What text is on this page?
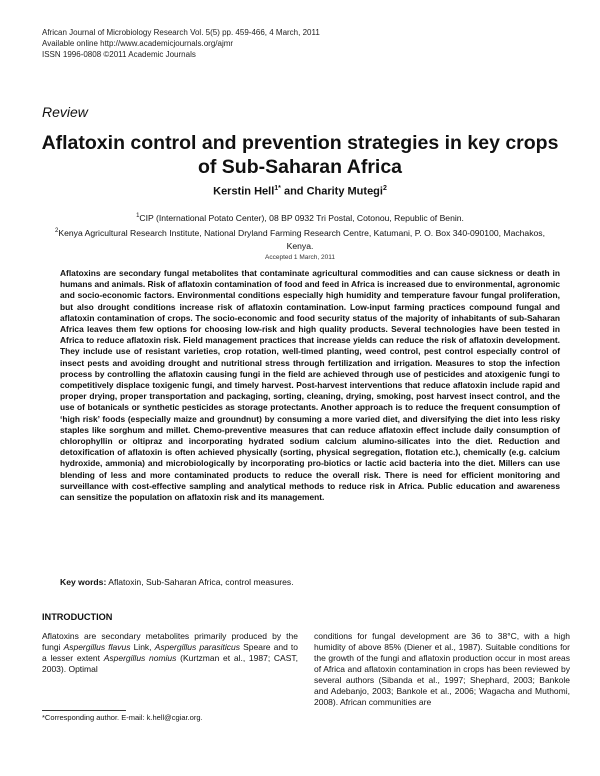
African Journal of Microbiology Research Vol. 5(5) pp. 459-466, 4 March, 2011
Available online http://www.academicjournals.org/ajmr
ISSN 1996-0808 ©2011 Academic Journals
Review
Aflatoxin control and prevention strategies in key crops of Sub-Saharan Africa
Kerstin Hell$^{1*}$ and Charity Mutegi$^2$
$^1$CIP (International Potato Center), 08 BP 0932 Tri Postal, Cotonou, Republic of Benin.
$^2$Kenya Agricultural Research Institute, National Dryland Farming Research Centre, Katumani, P. O. Box 340-090100, Machakos, Kenya.
Accepted 1 March, 2011
Aflatoxins are secondary fungal metabolites that contaminate agricultural commodities and can cause sickness or death in humans and animals. Risk of aflatoxin contamination of food and feed in Africa is increased due to environmental, agronomic and socio-economic factors. Environmental conditions especially high humidity and temperature favour fungal proliferation, but also drought conditions increase risk of aflatoxin contamination. Low-input farming practices compound fungal and aflatoxin contamination of crops. The socio-economic and food security status of the majority of inhabitants of sub-Saharan Africa leaves them few options for choosing low-risk and high quality products. Several technologies have been tested in Africa to reduce aflatoxin risk. Field management practices that increase yields can reduce the risk of aflatoxin development. They include use of resistant varieties, crop rotation, well-timed planting, weed control, pest control especially control of insect pests and avoiding drought and nutritional stress through fertilization and irrigation. Measures to stop the infection process by controlling the aflatoxin causing fungi in the field are achieved through use of pesticides and atoxigenic fungi to competitively displace toxigenic fungi, and timely harvest. Post-harvest interventions that reduce aflatoxin include rapid and proper drying, proper transportation and packaging, sorting, cleaning, drying, smoking, post harvest insect control, and the use of botanicals or synthetic pesticides as storage protectants. Another approach is to reduce the frequent consumption of ‘high risk’ foods (especially maize and groundnut) by consuming a more varied diet, and diversifying the diet into less risky staples like sorghum and millet. Chemo-preventive measures that can reduce aflatoxin effect include daily consumption of chlorophyllin or oltipraz and incorporating hydrated sodium calcium alumino-silicates into the diet. Reduction and detoxification of aflatoxin is often achieved physically (sorting, physical segregation, flotation etc.), chemically (e.g. calcium hydroxide, ammonia) and microbiologically by incorporating pro-biotics or lactic acid bacteria into the diet. Millers can use blending of less and more contaminated products to reduce the overall risk. There is need for efficient monitoring and surveillance with cost-effective sampling and analytical methods to reduce risk in Africa. Public education and awareness can sensitize the population on aflatoxin risk and its management.
Key words: Aflatoxin, Sub-Saharan Africa, control measures.
INTRODUCTION
Aflatoxins are secondary metabolites primarily produced by the fungi Aspergillus flavus Link, Aspergillus parasiticus Speare and to a lesser extent Aspergillus nomius (Kurtzman et al., 1987; CAST, 2003). Optimal
conditions for fungal development are 36 to 38°C, with a high humidity of above 85% (Diener et al., 1987). Suitable conditions for the growth of the fungi and aflatoxin production occur in most areas of Africa and aflatoxin contamination in crops has been reviewed by several authors (Sibanda et al., 1997; Shephard, 2003; Bankole and Adebanjo, 2003; Bankole et al., 2006; Wagacha and Muthomi, 2008). African communities are
*Corresponding author. E-mail: k.hell@cgiar.org.
